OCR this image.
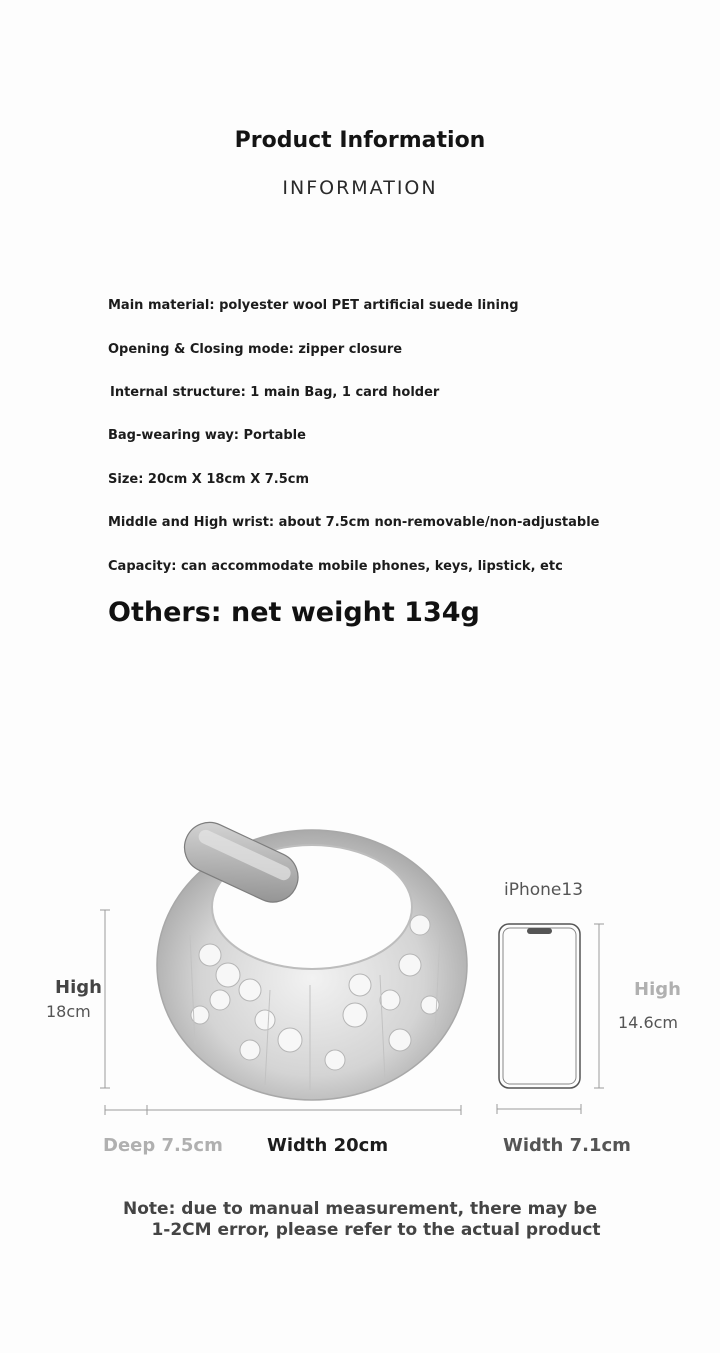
Product Information
INFORMATION
Main material: polyester wool PET artificial suede lining
Opening & Closing mode: zipper closure
Internal structure: 1 main Bag, 1 card holder
Bag-wearing way: Portable
Size: 20cm X 18cm X 7.5cm
Middle and High wrist: about 7.5cm non-removable/non-adjustable
Capacity: can accommodate mobile phones, keys, lipstick, etc
Others: net weight 134g
High
18cm
Deep 7.5cm Width 20cm
iPhone13
High
14.6cm
Width 7.1cm
Note: due to manual measurement, there may be
1-2CM error, please refer to the actual product
